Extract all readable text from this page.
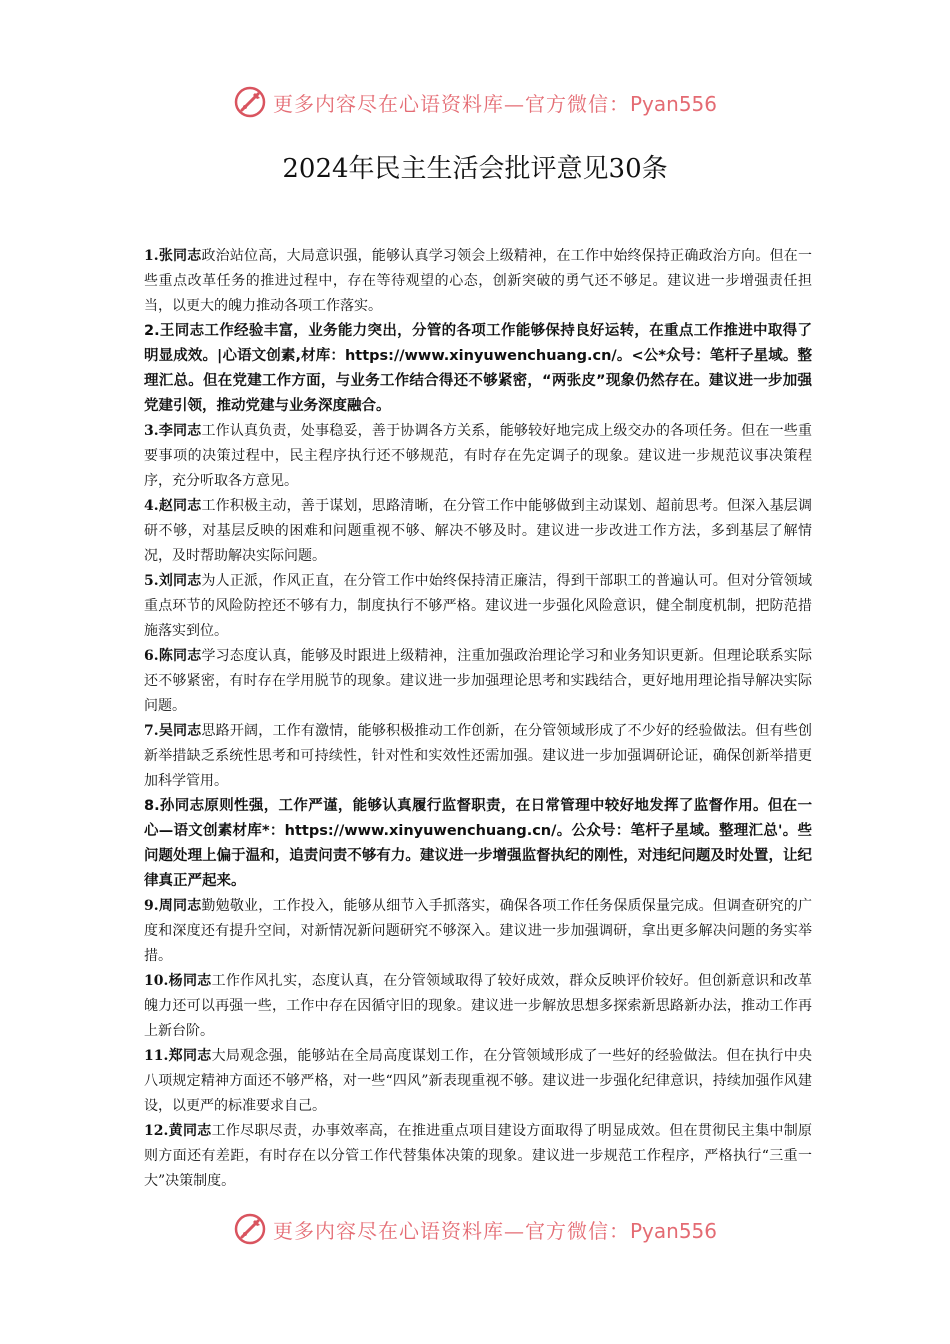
更多内容尽在心语资料库—官方微信：Pyan556
2024年民主生活会批评意见30条

1.张同志政治站位高，大局意识强，能够认真学习领会上级精神，在工作中始终保持正确政治方向。但在一些重点改革任务的推进过程中，存在等待观望的心态，创新突破的勇气还不够足。建议进一步增强责任担当，以更大的魄力推动各项工作落实。

2.王同志工作经验丰富，业务能力突出，分管的各项工作能够保持良好运转，在重点工作推进中取得了明显成效。|心语文创素,材库：https://www.xinyuwenchuang.cn/。<公*众号：笔杆子星域。整理汇总。但在党建工作方面，与业务工作结合得还不够紧密，“两张皮”现象仍然存在。建议进一步加强党建引领，推动党建与业务深度融合。

3.李同志工作认真负责，处事稳妥，善于协调各方关系，能够较好地完成上级交办的各项任务。但在一些重要事项的决策过程中，民主程序执行还不够规范，有时存在先定调子的现象。建议进一步规范议事决策程序，充分听取各方意见。

4.赵同志工作积极主动，善于谋划，思路清晰，在分管工作中能够做到主动谋划、超前思考。但深入基层调研不够，对基层反映的困难和问题重视不够、解决不够及时。建议进一步改进工作方法，多到基层了解情况，及时帮助解决实际问题。

5.刘同志为人正派，作风正直，在分管工作中始终保持清正廉洁，得到干部职工的普遍认可。但对分管领域重点环节的风险防控还不够有力，制度执行不够严格。建议进一步强化风险意识，健全制度机制，把防范措施落实到位。

6.陈同志学习态度认真，能够及时跟进上级精神，注重加强政治理论学习和业务知识更新。但理论联系实际还不够紧密，有时存在学用脱节的现象。建议进一步加强理论思考和实践结合，更好地用理论指导解决实际问题。

7.吴同志思路开阔，工作有激情，能够积极推动工作创新，在分管领域形成了不少好的经验做法。但有些创新举措缺乏系统性思考和可持续性，针对性和实效性还需加强。建议进一步加强调研论证，确保创新举措更加科学管用。

8.孙同志原则性强，工作严谨，能够认真履行监督职责，在日常管理中较好地发挥了监督作用。但在一心—语文创素材库*：https://www.xinyuwenchuang.cn/。公众号：笔杆子星域。整理汇总'。些问题处理上偏于温和，追责问责不够有力。建议进一步增强监督执纪的刚性，对违纪问题及时处置，让纪律真正严起来。

9.周同志勤勉敬业，工作投入，能够从细节入手抓落实，确保各项工作任务保质保量完成。但调查研究的广度和深度还有提升空间，对新情况新问题研究不够深入。建议进一步加强调研，拿出更多解决问题的务实举措。

10.杨同志工作作风扎实，态度认真，在分管领域取得了较好成效，群众反映评价较好。但创新意识和改革魄力还可以再强一些，工作中存在因循守旧的现象。建议进一步解放思想多探索新思路新办法，推动工作再上新台阶。

11.郑同志大局观念强，能够站在全局高度谋划工作，在分管领域形成了一些好的经验做法。但在执行中央八项规定精神方面还不够严格，对一些“四风”新表现重视不够。建议进一步强化纪律意识，持续加强作风建设，以更严的标准要求自己。

12.黄同志工作尽职尽责，办事效率高，在推进重点项目建设方面取得了明显成效。但在贯彻民主集中制原则方面还有差距，有时存在以分管工作代替集体决策的现象。建议进一步规范工作程序，严格执行“三重一大”决策制度。

更多内容尽在心语资料库—官方微信：Pyan556
